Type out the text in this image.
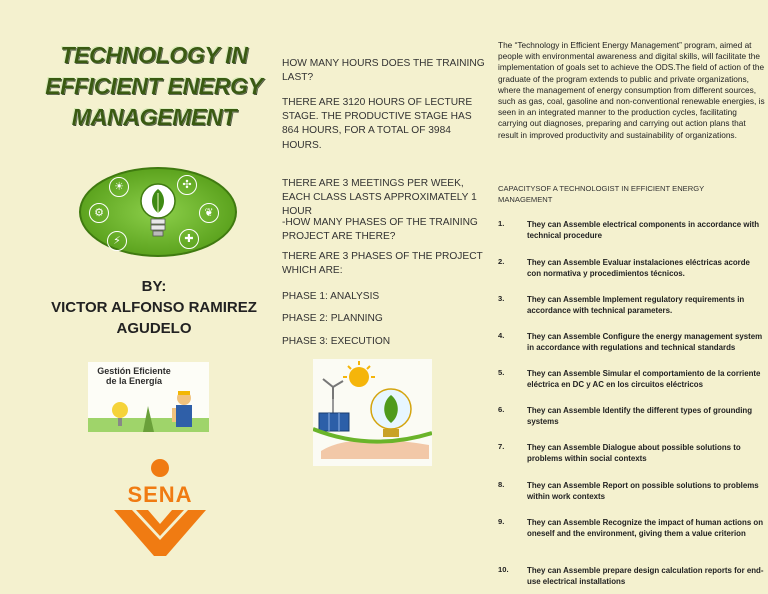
TECHNOLOGY IN EFFICIENT ENERGY MANAGEMENT
☀	✣
⚙	❦
⚡	✚
BY:
VICTOR ALFONSO RAMIREZ AGUDELO
Gestión Eficiente de la Energía
SENA
HOW MANY HOURS DOES THE TRAINING LAST?
THERE ARE 3120 HOURS OF LECTURE STAGE. THE PRODUCTIVE STAGE HAS 864 HOURS, FOR A TOTAL OF 3984 HOURS.
THERE ARE 3 MEETINGS PER WEEK, EACH CLASS LASTS APPROXIMATELY 1 HOUR
-HOW MANY PHASES OF THE TRAINING PROJECT ARE THERE?
THERE ARE 3 PHASES OF THE PROJECT WHICH ARE:
PHASE 1: ANALYSIS
PHASE 2: PLANNING
PHASE 3: EXECUTION
The “Technology in Efficient Energy Management” program, aimed at people with environmental awareness and digital skills, will facilitate the implementation of goals set to achieve the ODS.The field of action of the graduate of the program extends to public and private organizations, where the management of energy consumption from different sources, such as gas, coal, gasoline and non-conventional renewable energies, is seen in an integrated manner to the production cycles, facilitating carrying out diagnoses, preparing and carrying out action plans that result in improved productivity and sustainability of organizations.
CAPACITYSOF A TECHNOLOGIST IN EFFICIENT ENERGY MANAGEMENT
1.	They can Assemble electrical components in accordance with technical procedure
2.	They can Assemble Evaluar instalaciones eléctricas acorde con normativa y procedimientos técnicos.
3.	They can Assemble Implement regulatory requirements in accordance with technical parameters.
4.	They can Assemble Configure the energy management system in accordance with regulations and technical standards
5.	They can Assemble Simular el comportamiento de la corriente eléctrica en DC y AC en los circuitos eléctricos
6.	They can Assemble Identify the different types of grounding systems
7.	They can Assemble Dialogue about possible solutions to problems within social contexts
8.	They can Assemble Report on possible solutions to problems within work contexts
9.	They can Assemble Recognize the impact of human actions on oneself and the environment, giving them a value criterion
10.	They can Assemble prepare design calculation reports for end-use electrical installations
